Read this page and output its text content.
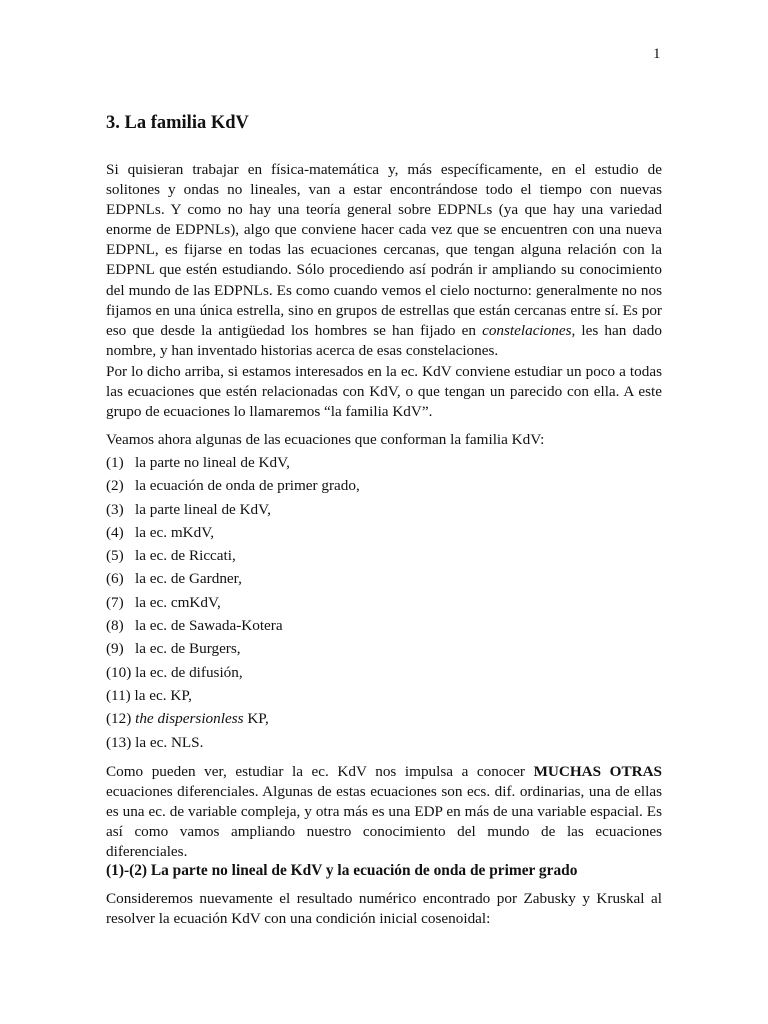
1
3. La familia KdV

Si quisieran trabajar en física-matemática y, más específicamente, en el estudio de solitones y ondas no lineales, van a estar encontrándose todo el tiempo con nuevas EDPNLs. Y como no hay una teoría general sobre EDPNLs (ya que hay una variedad enorme de EDPNLs), algo que conviene hacer cada vez que se encuentren con una nueva EDPNL, es fijarse en todas las ecuaciones cercanas, que tengan alguna relación con la EDPNL que estén estudiando. Sólo procediendo así podrán ir ampliando su conocimiento del mundo de las EDPNLs. Es como cuando vemos el cielo nocturno: generalmente no nos fijamos en una única estrella, sino en grupos de estrellas que están cercanas entre sí. Es por eso que desde la antigüedad los hombres se han fijado en constelaciones, les han dado nombre, y han inventado historias acerca de esas constelaciones.

Por lo dicho arriba, si estamos interesados en la ec. KdV conviene estudiar un poco a todas las ecuaciones que estén relacionadas con KdV, o que tengan un parecido con ella. A este grupo de ecuaciones lo llamaremos “la familia KdV”.

Veamos ahora algunas de las ecuaciones que conforman la familia KdV:

(1) la parte no lineal de KdV,
(2) la ecuación de onda de primer grado,
(3) la parte lineal de KdV,
(4) la ec. mKdV,
(5) la ec. de Riccati,
(6) la ec. de Gardner,
(7) la ec. cmKdV,
(8) la ec. de Sawada-Kotera
(9) la ec. de Burgers,
(10) la ec. de difusión,
(11) la ec. KP,
(12) the dispersionless KP,
(13) la ec. NLS.

Como pueden ver, estudiar la ec. KdV nos impulsa a conocer MUCHAS OTRAS ecuaciones diferenciales. Algunas de estas ecuaciones son ecs. dif. ordinarias, una de ellas es una ec. de variable compleja, y otra más es una EDP en más de una variable espacial. Es así como vamos ampliando nuestro conocimiento del mundo de las ecuaciones diferenciales.

(1)-(2) La parte no lineal de KdV y la ecuación de onda de primer grado

Consideremos nuevamente el resultado numérico encontrado por Zabusky y Kruskal al resolver la ecuación KdV con una condición inicial cosenoidal:
